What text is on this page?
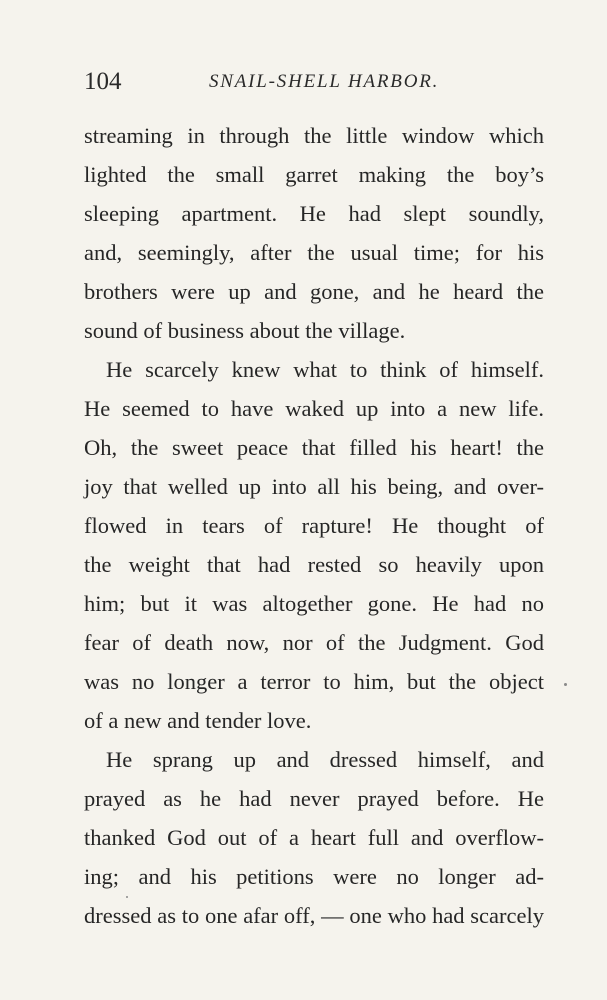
104	SNAIL-SHELL HARBOR.
streaming in through the little window which
lighted the small garret making the boy’s
sleeping apartment. He had slept soundly,
and, seemingly, after the usual time; for his
brothers were up and gone, and he heard the
sound of business about the village.
He scarcely knew what to think of himself.
He seemed to have waked up into a new life.
Oh, the sweet peace that filled his heart! the
joy that welled up into all his being, and over-
flowed in tears of rapture! He thought of
the weight that had rested so heavily upon
him; but it was altogether gone. He had no
fear of death now, nor of the Judgment. God
was no longer a terror to him, but the object
of a new and tender love.
He sprang up and dressed himself, and
prayed as he had never prayed before. He
thanked God out of a heart full and overflow-
ing; and his petitions were no longer ad-
dressed as to one afar off, — one who had scarcely
